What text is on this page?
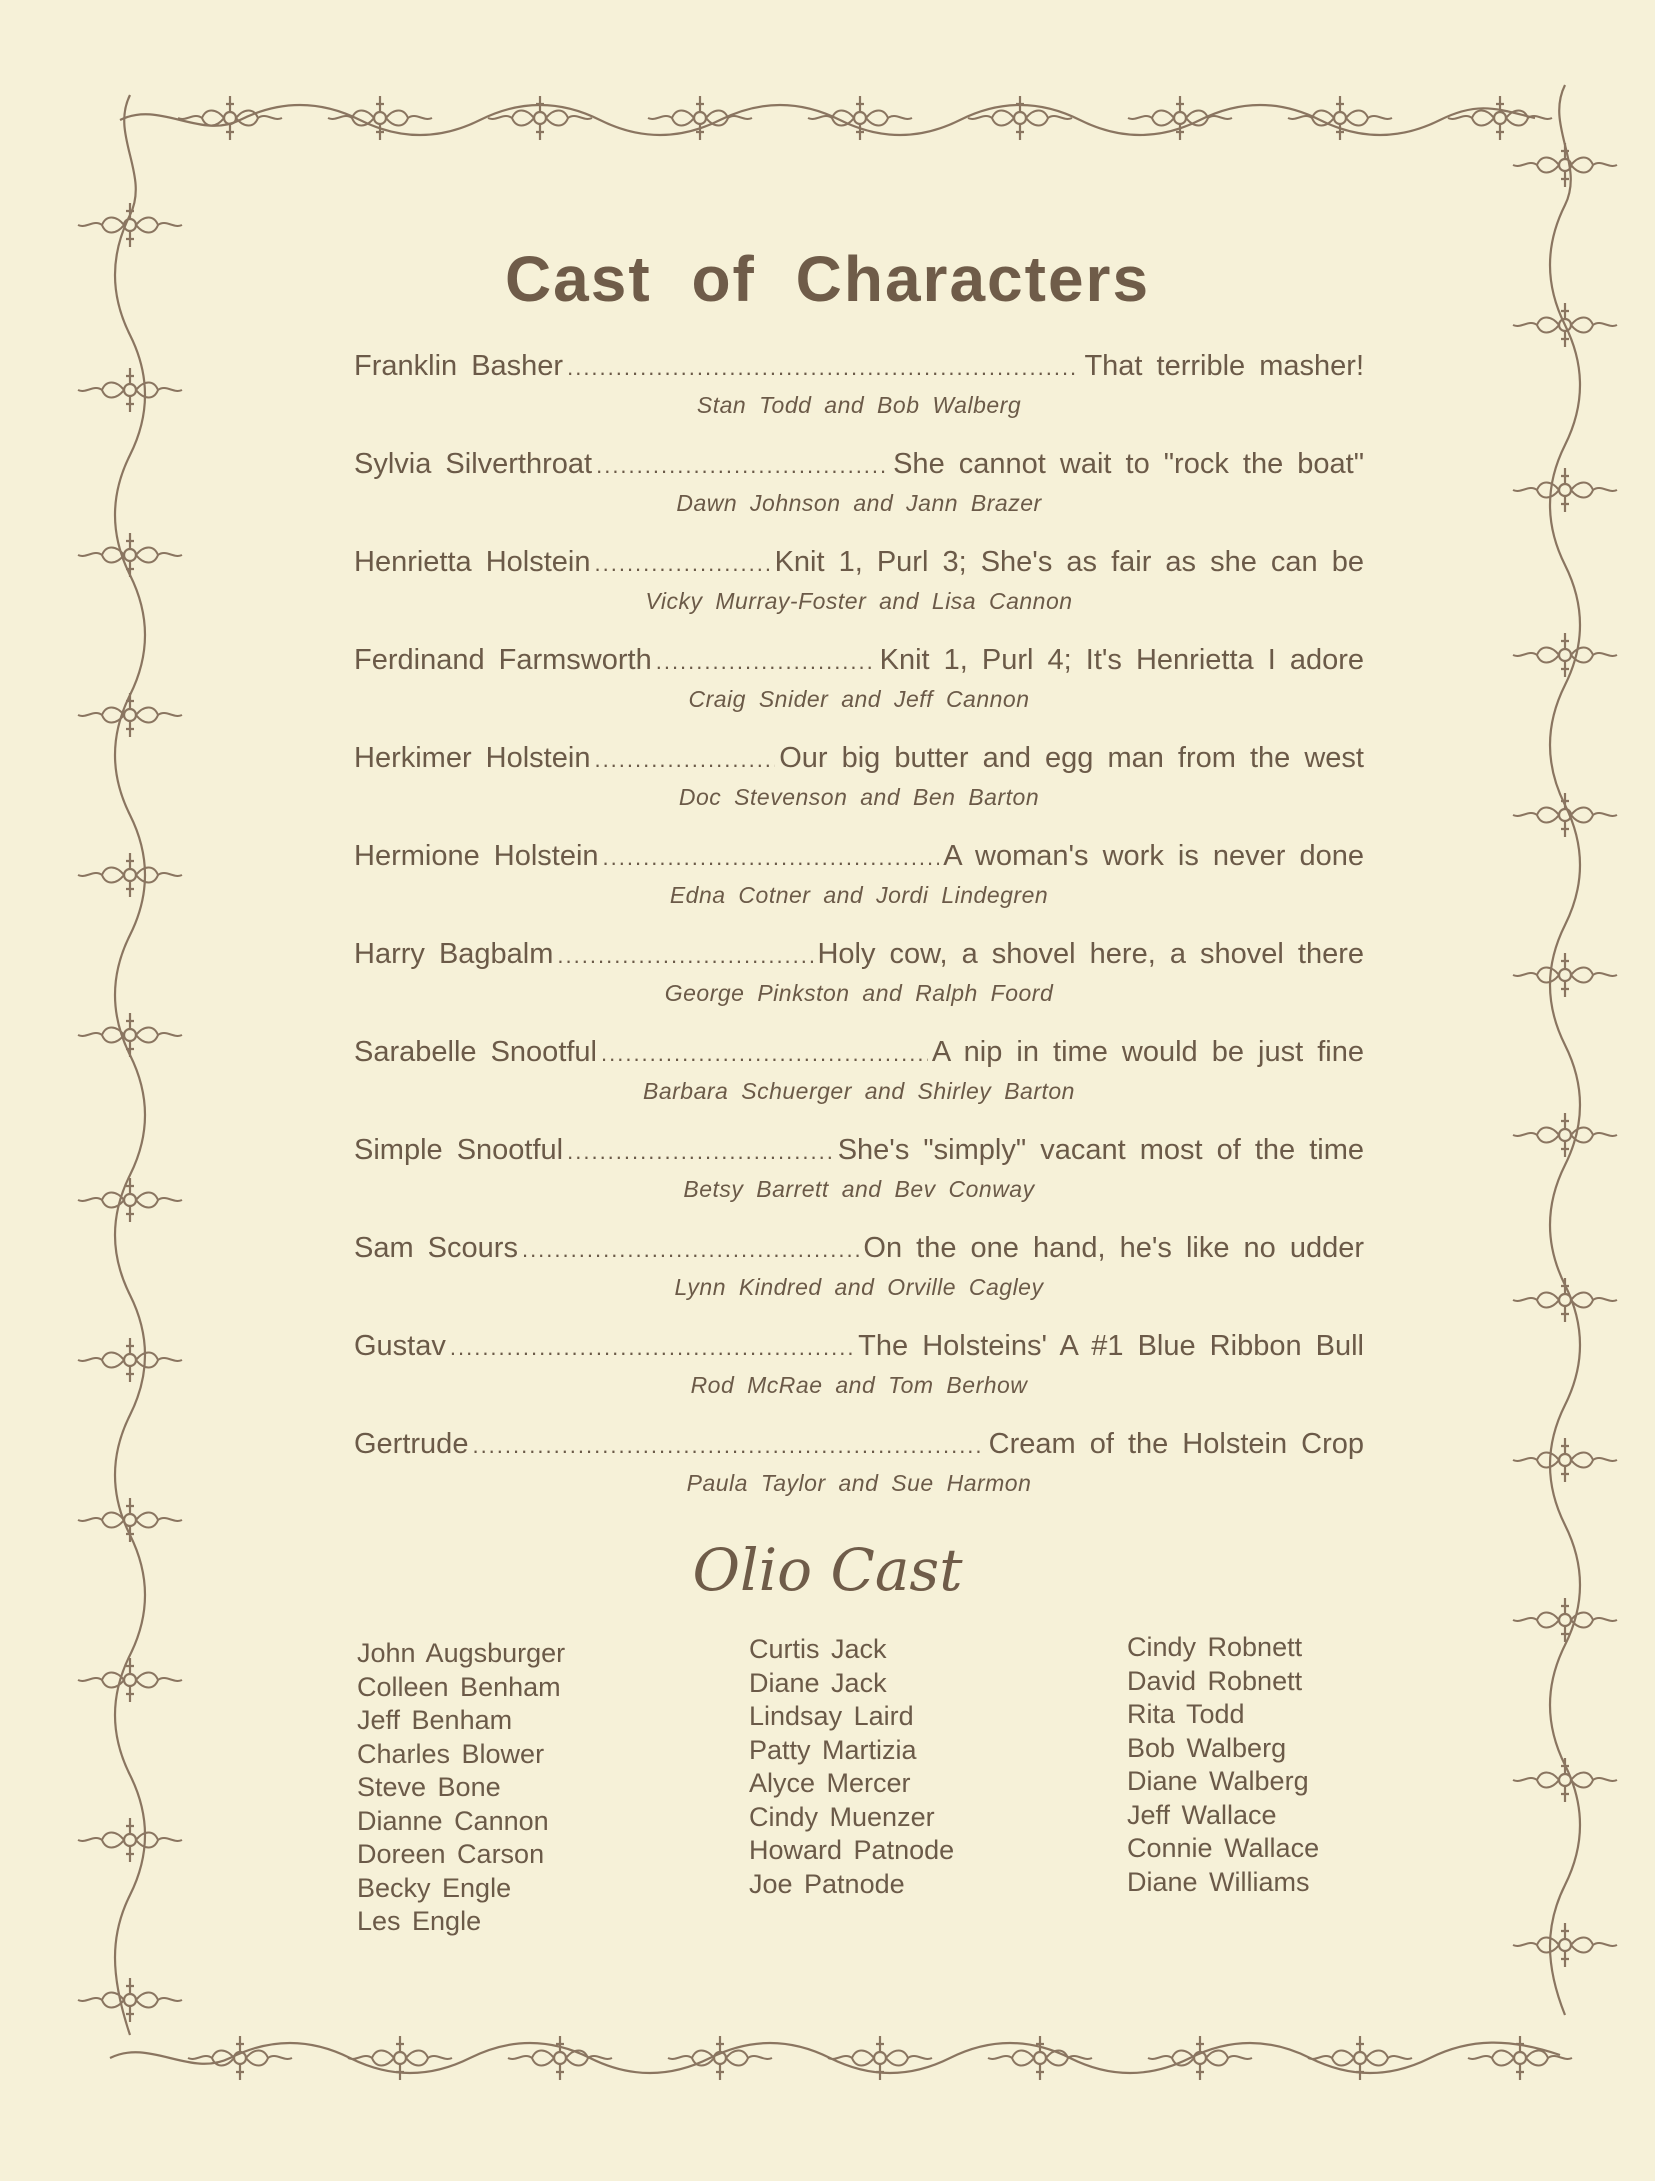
Cast of Characters
Franklin Basher .....	That terrible masher!
Stan Todd and Bob Walberg
Sylvia Silverthroat .....	She cannot wait to "rock the boat"
Dawn Johnson and Jann Brazer
Henrietta Holstein .....	Knit 1, Purl 3; She's as fair as she can be
Vicky Murray-Foster and Lisa Cannon
Ferdinand Farmsworth .....	Knit 1, Purl 4; It's Henrietta I adore
Craig Snider and Jeff Cannon
Herkimer Holstein .....	Our big butter and egg man from the west
Doc Stevenson and Ben Barton
Hermione Holstein .....	A woman's work is never done
Edna Cotner and Jordi Lindegren
Harry Bagbalm .....	Holy cow, a shovel here, a shovel there
George Pinkston and Ralph Foord
Sarabelle Snootful .....	A nip in time would be just fine
Barbara Schuerger and Shirley Barton
Simple Snootful .....	She's "simply" vacant most of the time
Betsy Barrett and Bev Conway
Sam Scours .....	On the one hand, he's like no udder
Lynn Kindred and Orville Cagley
Gustav .....	The Holsteins' A #1 Blue Ribbon Bull
Rod McRae and Tom Berhow
Gertrude .....	Cream of the Holstein Crop
Paula Taylor and Sue Harmon
Olio Cast
John Augsburger
Colleen Benham
Jeff Benham
Charles Blower
Steve Bone
Dianne Cannon
Doreen Carson
Becky Engle
Les Engle
Curtis Jack
Diane Jack
Lindsay Laird
Patty Martizia
Alyce Mercer
Cindy Muenzer
Howard Patnode
Joe Patnode
Cindy Robnett
David Robnett
Rita Todd
Bob Walberg
Diane Walberg
Jeff Wallace
Connie Wallace
Diane Williams
